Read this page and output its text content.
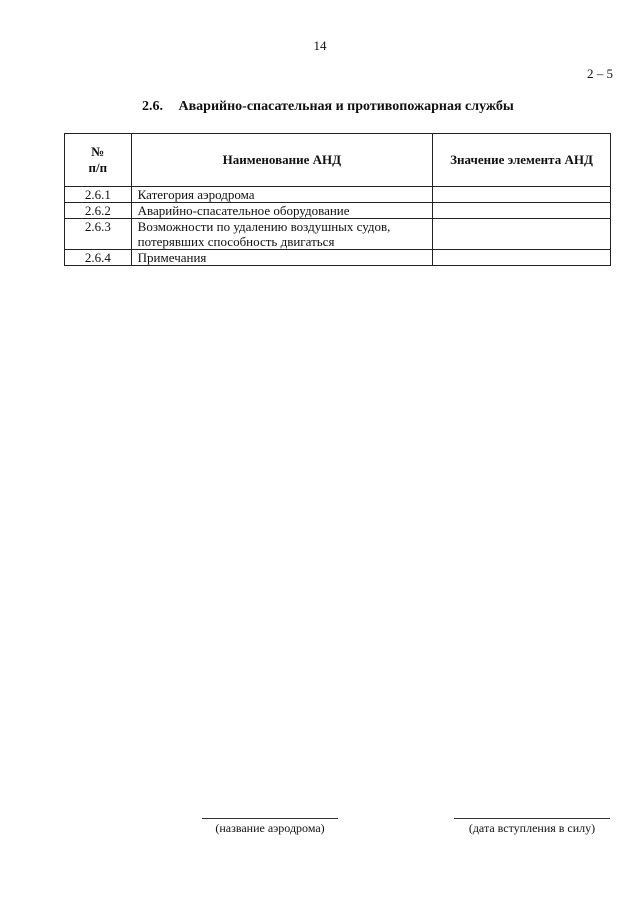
14
2 – 5
2.6. Аварийно-спасательная и противопожарная службы
№
п/п	Наименование АНД	Значение элемента АНД
2.6.1	Категория аэродрома	
2.6.2	Аварийно-спасательное оборудование	
2.6.3	Возможности по удалению воздушных судов,
потерявших способность двигаться	
2.6.4	Примечания	
(название аэродрома)	(дата вступления в силу)
